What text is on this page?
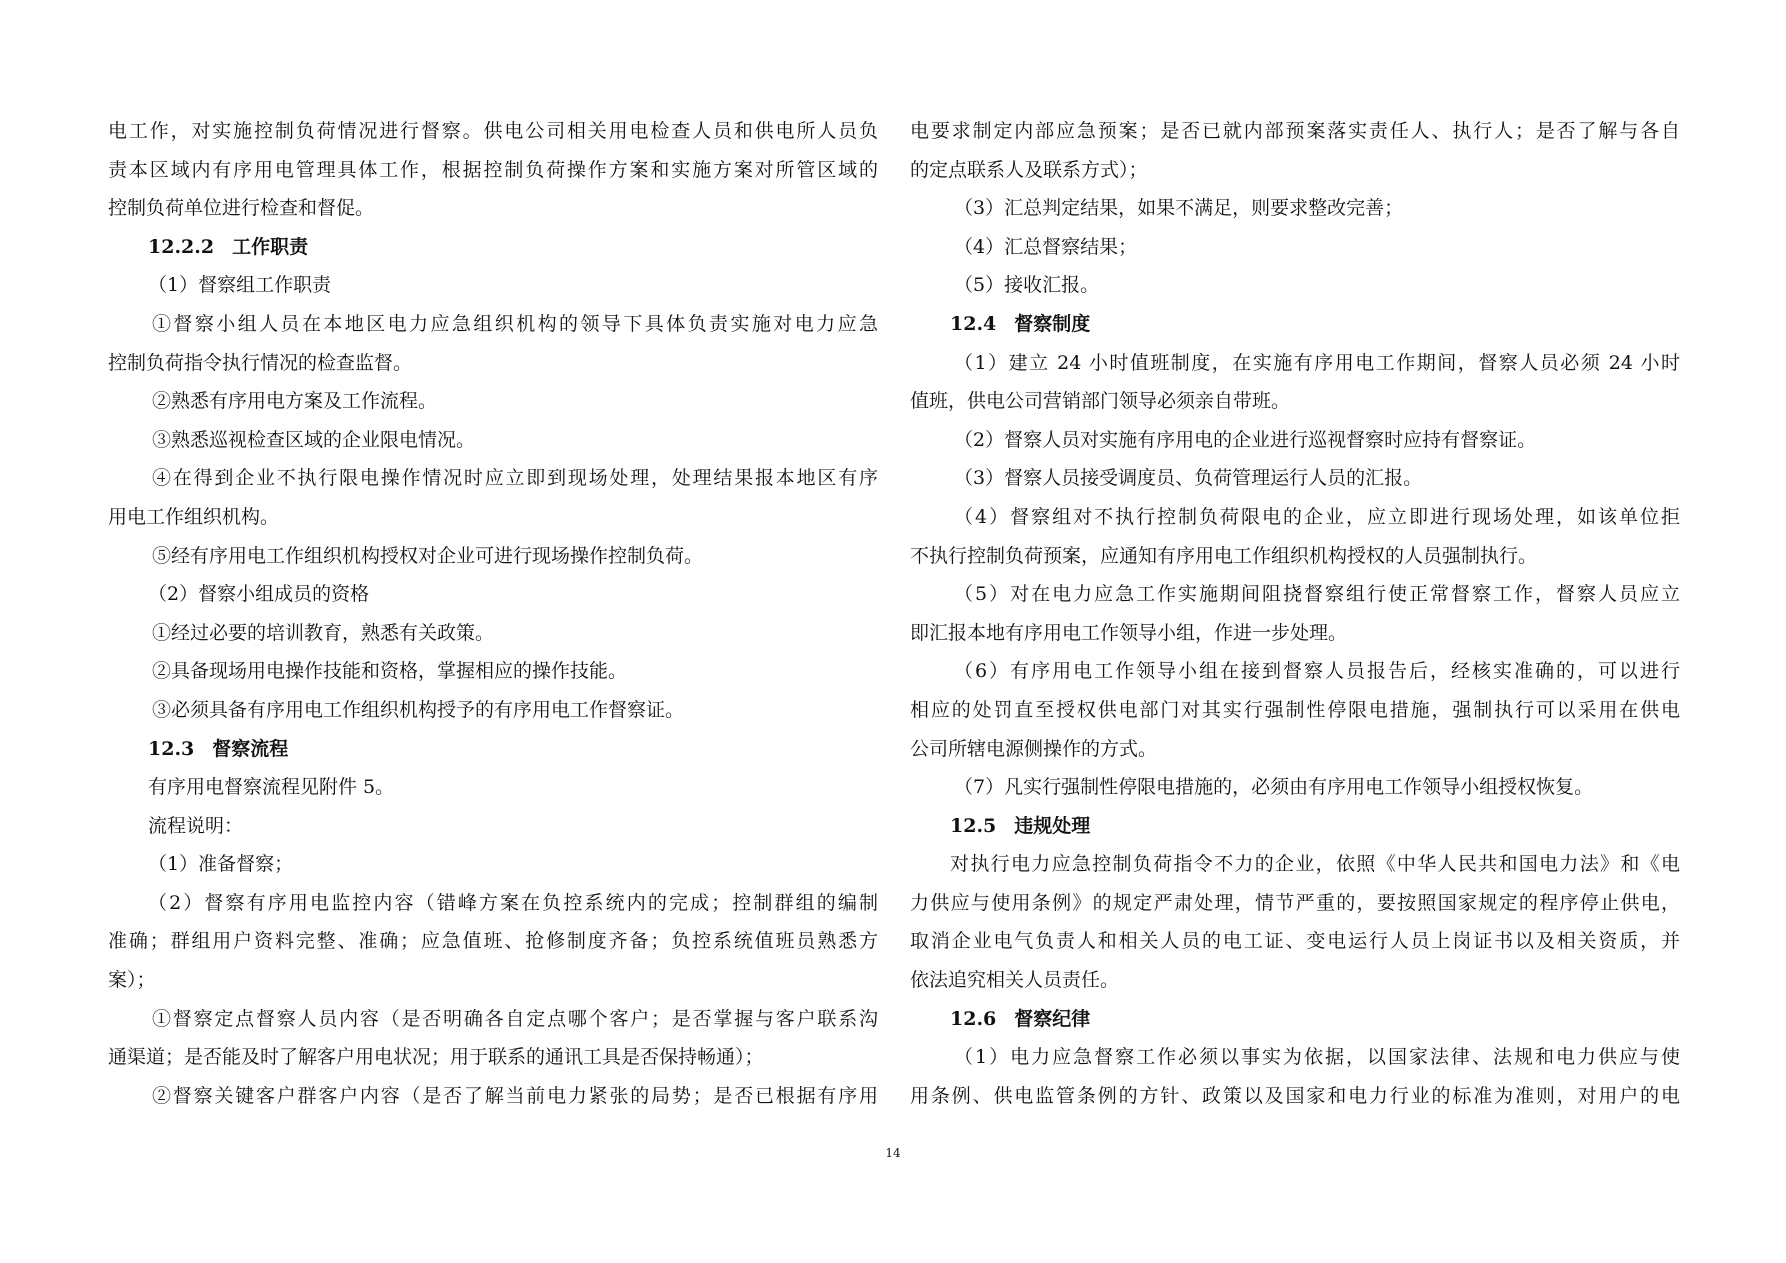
电工作，对实施控制负荷情况进行督察。供电公司相关用电检查人员和供电所人员负
责本区域内有序用电管理具体工作，根据控制负荷操作方案和实施方案对所管区域的
控制负荷单位进行检查和督促。
12.2.2 工作职责
（1）督察组工作职责
①督察小组人员在本地区电力应急组织机构的领导下具体负责实施对电力应急
控制负荷指令执行情况的检查监督。
②熟悉有序用电方案及工作流程。
③熟悉巡视检查区域的企业限电情况。
④在得到企业不执行限电操作情况时应立即到现场处理，处理结果报本地区有序
用电工作组织机构。
⑤经有序用电工作组织机构授权对企业可进行现场操作控制负荷。
（2）督察小组成员的资格
①经过必要的培训教育，熟悉有关政策。
②具备现场用电操作技能和资格，掌握相应的操作技能。
③必须具备有序用电工作组织机构授予的有序用电工作督察证。
12.3 督察流程
有序用电督察流程见附件 5。
流程说明：
（1）准备督察；
（2）督察有序用电监控内容（错峰方案在负控系统内的完成；控制群组的编制
准确；群组用户资料完整、准确；应急值班、抢修制度齐备；负控系统值班员熟悉方
案）；
①督察定点督察人员内容（是否明确各自定点哪个客户；是否掌握与客户联系沟
通渠道；是否能及时了解客户用电状况；用于联系的通讯工具是否保持畅通）；
②督察关键客户群客户内容（是否了解当前电力紧张的局势；是否已根据有序用
电要求制定内部应急预案；是否已就内部预案落实责任人、执行人；是否了解与各自
的定点联系人及联系方式）；
（3）汇总判定结果，如果不满足，则要求整改完善；
（4）汇总督察结果；
（5）接收汇报。
12.4 督察制度
（1）建立 24 小时值班制度，在实施有序用电工作期间，督察人员必须 24 小时
值班，供电公司营销部门领导必须亲自带班。
（2）督察人员对实施有序用电的企业进行巡视督察时应持有督察证。
（3）督察人员接受调度员、负荷管理运行人员的汇报。
（4）督察组对不执行控制负荷限电的企业，应立即进行现场处理，如该单位拒
不执行控制负荷预案，应通知有序用电工作组织机构授权的人员强制执行。
（5）对在电力应急工作实施期间阻挠督察组行使正常督察工作，督察人员应立
即汇报本地有序用电工作领导小组，作进一步处理。
（6）有序用电工作领导小组在接到督察人员报告后，经核实准确的，可以进行
相应的处罚直至授权供电部门对其实行强制性停限电措施，强制执行可以采用在供电
公司所辖电源侧操作的方式。
（7）凡实行强制性停限电措施的，必须由有序用电工作领导小组授权恢复。
12.5 违规处理
对执行电力应急控制负荷指令不力的企业，依照《中华人民共和国电力法》和《电
力供应与使用条例》的规定严肃处理，情节严重的，要按照国家规定的程序停止供电，
取消企业电气负责人和相关人员的电工证、变电运行人员上岗证书以及相关资质，并
依法追究相关人员责任。
12.6 督察纪律
（1）电力应急督察工作必须以事实为依据，以国家法律、法规和电力供应与使
用条例、供电监管条例的方针、政策以及国家和电力行业的标准为准则，对用户的电
14
